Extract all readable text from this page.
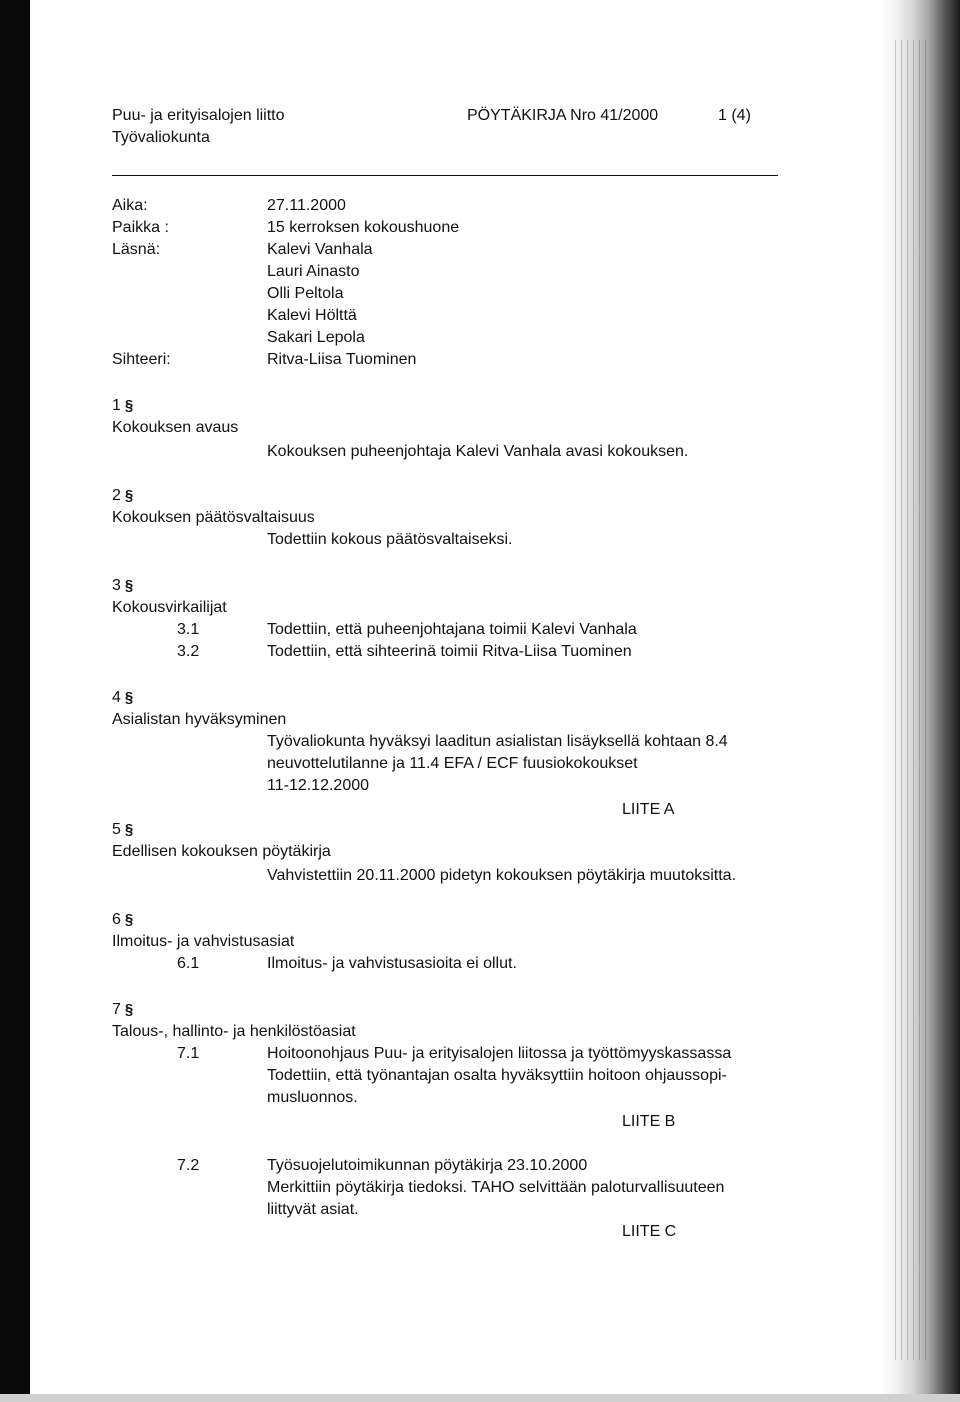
Puu- ja erityisalojen liitto
Työvaliokunta
PÖYTÄKIRJA Nro 41/2000	1 (4)
Aika:	27.11.2000
Paikka :	15 kerroksen kokoushuone
Läsnä:	Kalevi Vanhala
Lauri Ainasto
Olli Peltola
Kalevi Hölttä
Sakari Lepola
Sihteeri:	Ritva-Liisa Tuominen
1 §
Kokouksen avaus
Kokouksen puheenjohtaja Kalevi Vanhala avasi kokouksen.
2 §
Kokouksen päätösvaltaisuus
Todettiin kokous päätösvaltaiseksi.
3 §
Kokousvirkailijat
3.1	Todettiin, että puheenjohtajana toimii Kalevi Vanhala
3.2	Todettiin, että sihteerinä toimii Ritva-Liisa Tuominen
4 §
Asialistan hyväksyminen
Työvaliokunta hyväksyi laaditun asialistan lisäyksellä kohtaan 8.4
neuvottelutilanne ja 11.4 EFA / ECF fuusiokokoukset
11-12.12.2000
LIITE A
5 §
Edellisen kokouksen pöytäkirja
Vahvistettiin 20.11.2000 pidetyn kokouksen pöytäkirja muutoksitta.
6 §
Ilmoitus- ja vahvistusasiat
6.1	Ilmoitus- ja vahvistusasioita ei ollut.
7 §
Talous-, hallinto- ja henkilöstöasiat
7.1	Hoitoonohjaus Puu- ja erityisalojen liitossa ja työttömyyskassassa
Todettiin, että työnantajan osalta hyväksyttiin hoitoon ohjaussopi-
musluonnos.
LIITE B
7.2	Työsuojelutoimikunnan pöytäkirja 23.10.2000
Merkittiin pöytäkirja tiedoksi. TAHO selvittään paloturvallisuuteen
liittyvät asiat.
LIITE C
